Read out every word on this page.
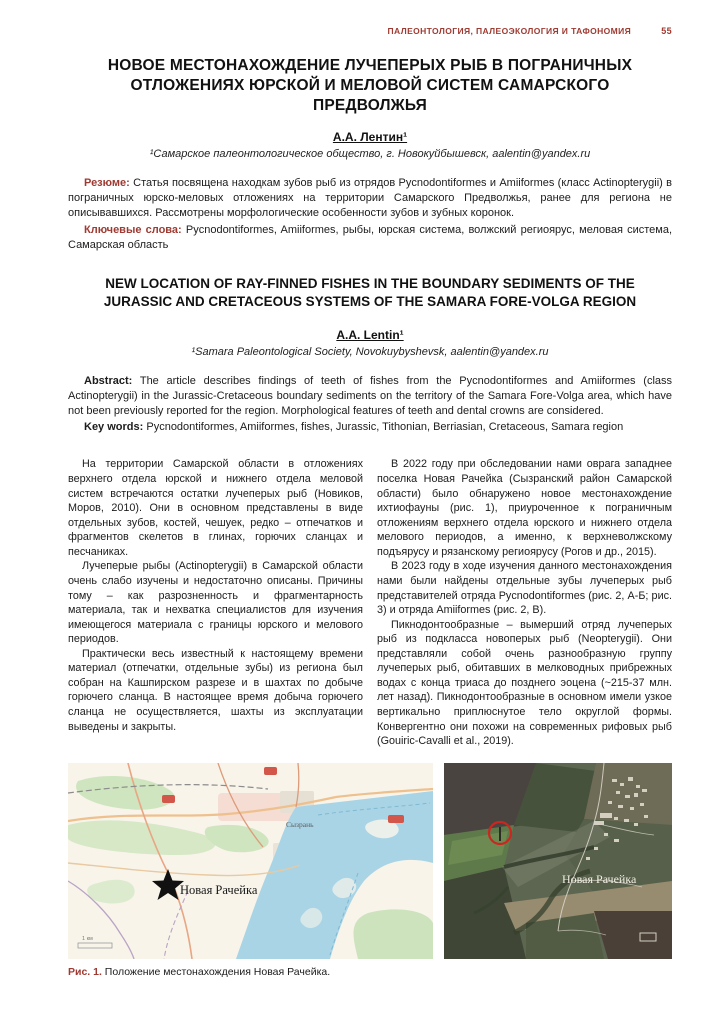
ПАЛЕОНТОЛОГИЯ, ПАЛЕОЭКОЛОГИЯ И ТАФОНОМИЯ	55
НОВОЕ МЕСТОНАХОЖДЕНИЕ ЛУЧЕПЕРЫХ РЫБ В ПОГРАНИЧНЫХ ОТЛОЖЕНИЯХ ЮРСКОЙ И МЕЛОВОЙ СИСТЕМ САМАРСКОГО ПРЕДВОЛЖЬЯ
А.А. Лентин¹
¹Самарское палеонтологическое общество, г. Новокуйбышевск, aalentin@yandex.ru

Резюме: Статья посвящена находкам зубов рыб из отрядов Pycnodontiformes и Amiiformes (класс Actinopterygii) в пограничных юрско-меловых отложениях на территории Самарского Предволжья, ранее для региона не описывавшихся. Рассмотрены морфологические особенности зубов и зубных коронок.

Ключевые слова: Pycnodontiformes, Amiiformes, рыбы, юрская система, волжский региоярус, меловая система, Самарская область

NEW LOCATION OF RAY-FINNED FISHES IN THE BOUNDARY SEDIMENTS OF THE JURASSIC AND CRETACEOUS SYSTEMS OF THE SAMARA FORE-VOLGA REGION
A.A. Lentin¹
¹Samara Paleontological Society, Novokuybyshevsk, aalentin@yandex.ru

Abstract: The article describes findings of teeth of fishes from the Pycnodontiformes and Amiiformes (class Actinopterygii) in the Jurassic-Cretaceous boundary sediments on the territory of the Samara Fore-Volga area, which have not been previously reported for the region. Morphological features of teeth and dental crowns are considered.

Key words: Pycnodontiformes, Amiiformes, fishes, Jurassic, Tithonian, Berriasian, Cretaceous, Samara region

На территории Самарской области в отложениях верхнего отдела юрской и нижнего отдела меловой систем встречаются остатки лучеперых рыб (Новиков, Моров, 2010). Они в основном представлены в виде отдельных зубов, костей, чешуек, редко – отпечатков и фрагментов скелетов в глинах, горючих сланцах и песчаниках.

Лучеперые рыбы (Actinopterygii) в Самарской области очень слабо изучены и недостаточно описаны. Причины тому – как разрозненность и фрагментарность материала, так и нехватка специалистов для изучения имеющегося материала с границы юрского и мелового периодов.

Практически весь известный к настоящему времени материал (отпечатки, отдельные зубы) из региона был собран на Кашпирском разрезе и в шахтах по добыче горючего сланца. В настоящее время добыча горючего сланца не осуществляется, шахты из эксплуатации выведены и закрыты.

В 2022 году при обследовании нами оврага западнее поселка Новая Рачейка (Сызранский район Самарской области) было обнаружено новое местонахождение ихтиофауны (рис. 1), приуроченное к пограничным отложениям верхнего отдела юрского и нижнего отдела мелового периодов, а именно, к верхневолжскому подъярусу и рязанскому региоярусу (Рогов и др., 2015).

В 2023 году в ходе изучения данного местонахождения нами были найдены отдельные зубы лучеперых рыб представителей отряда Pycnodontiformes (рис. 2, А-Б; рис. 3) и отряда Amiiformes (рис. 2, В).

Пикнодонтообразные – вымерший отряд лучеперых рыб из подкласса новоперых рыб (Neopterygii). Они представляли собой очень разнообразную группу лучеперых рыб, обитавших в мелководных прибрежных водах с конца триаса до позднего эоцена (~215-37 млн. лет назад). Пикнодонтообразные в основном имели узкое вертикально приплюснутое тело округлой формы. Конвергентно они похожи на современных рифовых рыб (Gouiric-Cavalli et al., 2019).

Сызрань
Новая Рачейка
1 км
Новая Рачейка
Рис. 1. Положение местонахождения Новая Рачейка.
